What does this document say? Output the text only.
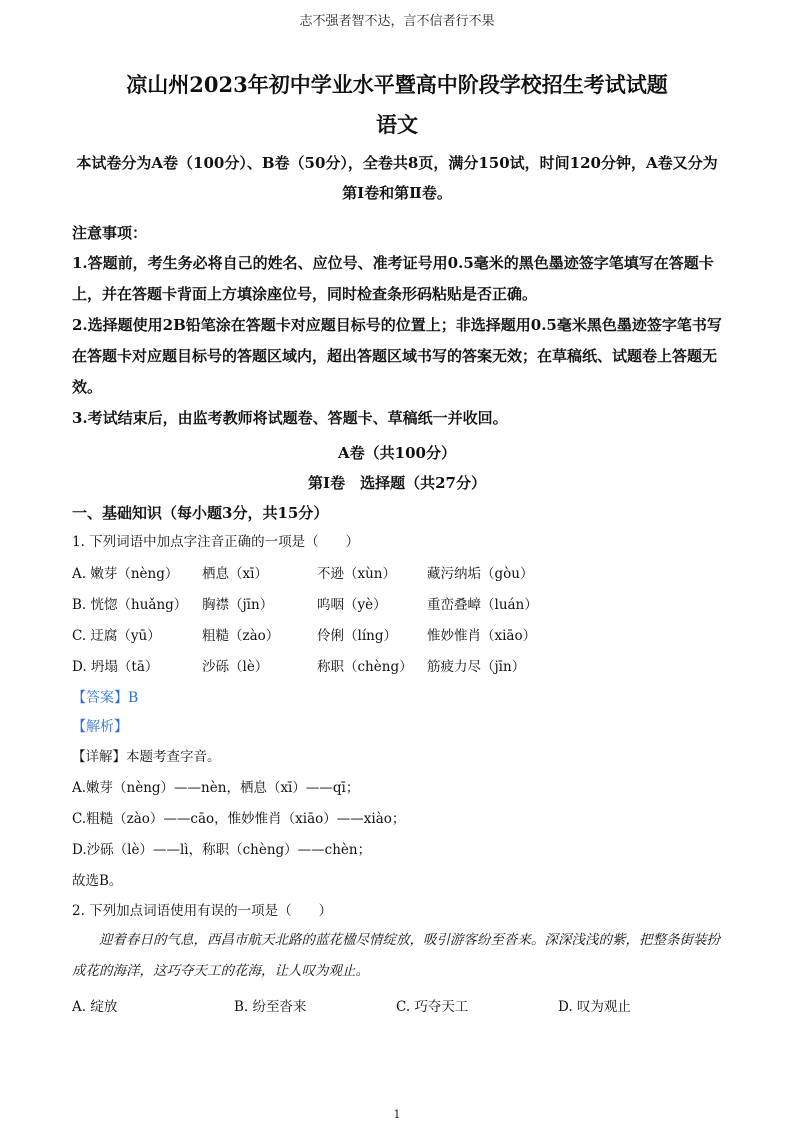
志不强者智不达，言不信者行不果
凉山州2023年初中学业水平暨高中阶段学校招生考试试题
语文
本试卷分为A卷（100分）、B卷（50分），全卷共8页，满分150试，时间120分钟，A卷又分为第Ⅰ卷和第Ⅱ卷。
注意事项：

1.答题前，考生务必将自己的姓名、应位号、准考证号用0.5毫米的黑色墨迹签字笔填写在答题卡上，并在答题卡背面上方填涂座位号，同时检查条形码粘贴是否正确。

2.选择题使用2B铅笔涂在答题卡对应题目标号的位置上；非选择题用0.5毫米黑色墨迹签字笔书写在答题卡对应题目标号的答题区域内，超出答题区域书写的答案无效；在草稿纸、试题卷上答题无效。

3.考试结束后，由监考教师将试题卷、答题卡、草稿纸一并收回。

A卷（共100分）
第Ⅰ卷　选择题（共27分）
一、基础知识（每小题3分，共15分）
1. 下列词语中加点字注音正确的一项是（　　）
A. 嫩芽（nèng）	栖息（xī）	不逊（xùn）	藏污纳垢（gòu）
B. 恍惚（huǎng）	胸襟（jīn）	呜咽（yè）	重峦叠嶂（luán）
C. 迂腐（yū）	粗糙（zào）	伶俐（líng）	惟妙惟肖（xiāo）
D. 坍塌（tā）	沙砾（lè）	称职（chèng）	筋疲力尽（jīn）
【答案】B
【解析】
【详解】本题考查字音。
A.嫩芽（nèng）——nèn，栖息（xī）——qī；
C.粗糙（zào）——cāo，惟妙惟肖（xiāo）——xiào；
D.沙砾（lè）——lì，称职（chèng）——chèn；
故选B。
2. 下列加点词语使用有误的一项是（　　）
迎着春日的气息，西昌市航天北路的蓝花楹尽情绽放，吸引游客纷至沓来。深深浅浅的紫，把整条街装扮成花的海洋，这巧夺天工的花海，让人叹为观止。
A. 绽放	B. 纷至沓来	C. 巧夺天工	D. 叹为观止
1
